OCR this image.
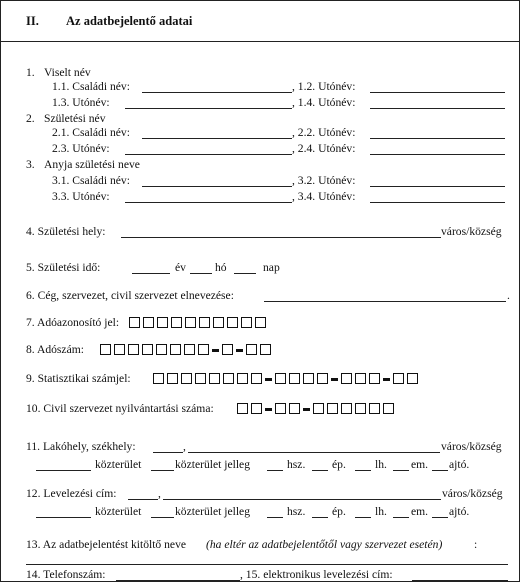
II. Az adatbejelentő adatai
1. Viselt név
1.1. Családi név:	, 1.2. Utónév:
1.3. Utónév:	, 1.4. Utónév:
2. Születési név
2.1. Családi név:	, 2.2. Utónév:
2.3. Utónév:	, 2.4. Utónév:
3. Anyja születési neve
3.1. Családi név:	, 3.2. Utónév:
3.3. Utónév:	, 3.4. Utónév:
4. Születési hely:	város/község
5. Születési idő:	év	hó	nap
6. Cég, szervezet, civil szervezet elnevezése:	.
7. Adóazonosító jel:
8. Adószám:
9. Statisztikai számjel:
10. Civil szervezet nyilvántartási száma:
11. Lakóhely, székhely:	,	város/község
közterület	közterület jelleg	hsz. ép.	lh. em. ajtó.
12. Levelezési cím:	,	város/község
közterület	közterület jelleg	hsz. ép.	lh. em. ajtó.
13. Az adatbejelentést kitöltő neve (ha eltér az adatbejelentőtől vagy szervezet esetén)	:
14. Telefonszám:	, 15. elektronikus levelezési cím:
